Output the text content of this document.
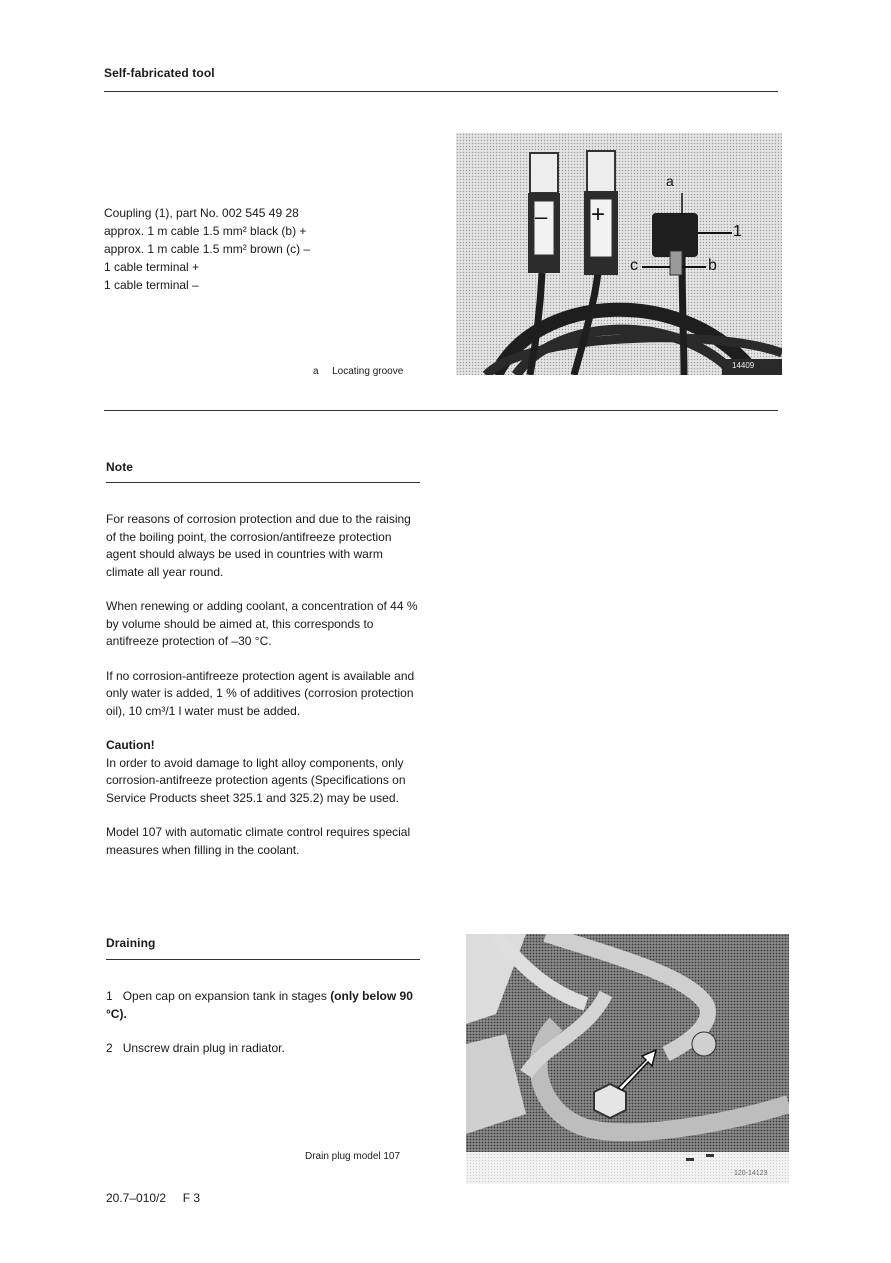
Self-fabricated tool
Coupling (1), part No. 002 545 49 28
approx. 1 m cable 1.5 mm² black (b) +
approx. 1 m cable 1.5 mm² brown (c) –
1 cable terminal +
1 cable terminal –
a Locating groove
– +
a
1
c	b
14409
Note

For reasons of corrosion protection and due to the raising of the boiling point, the corrosion/antifreeze protection agent should always be used in countries with warm climate all year round.

When renewing or adding coolant, a concentration of 44 % by volume should be aimed at, this corresponds to antifreeze protection of –30 °C.

If no corrosion-antifreeze protection agent is available and only water is added, 1 % of additives (corrosion protection oil), 10 cm³/1 l water must be added.

Caution!

In order to avoid damage to light alloy components, only corrosion-antifreeze protection agents (Specifications on Service Products sheet 325.1 and 325.2) may be used.

Model 107 with automatic climate control requires special measures when filling in the coolant.

Draining

1 Open cap on expansion tank in stages (only below 90 °C).

2 Unscrew drain plug in radiator.

Drain plug model 107
120-14123
20.7–010/2 F 3
